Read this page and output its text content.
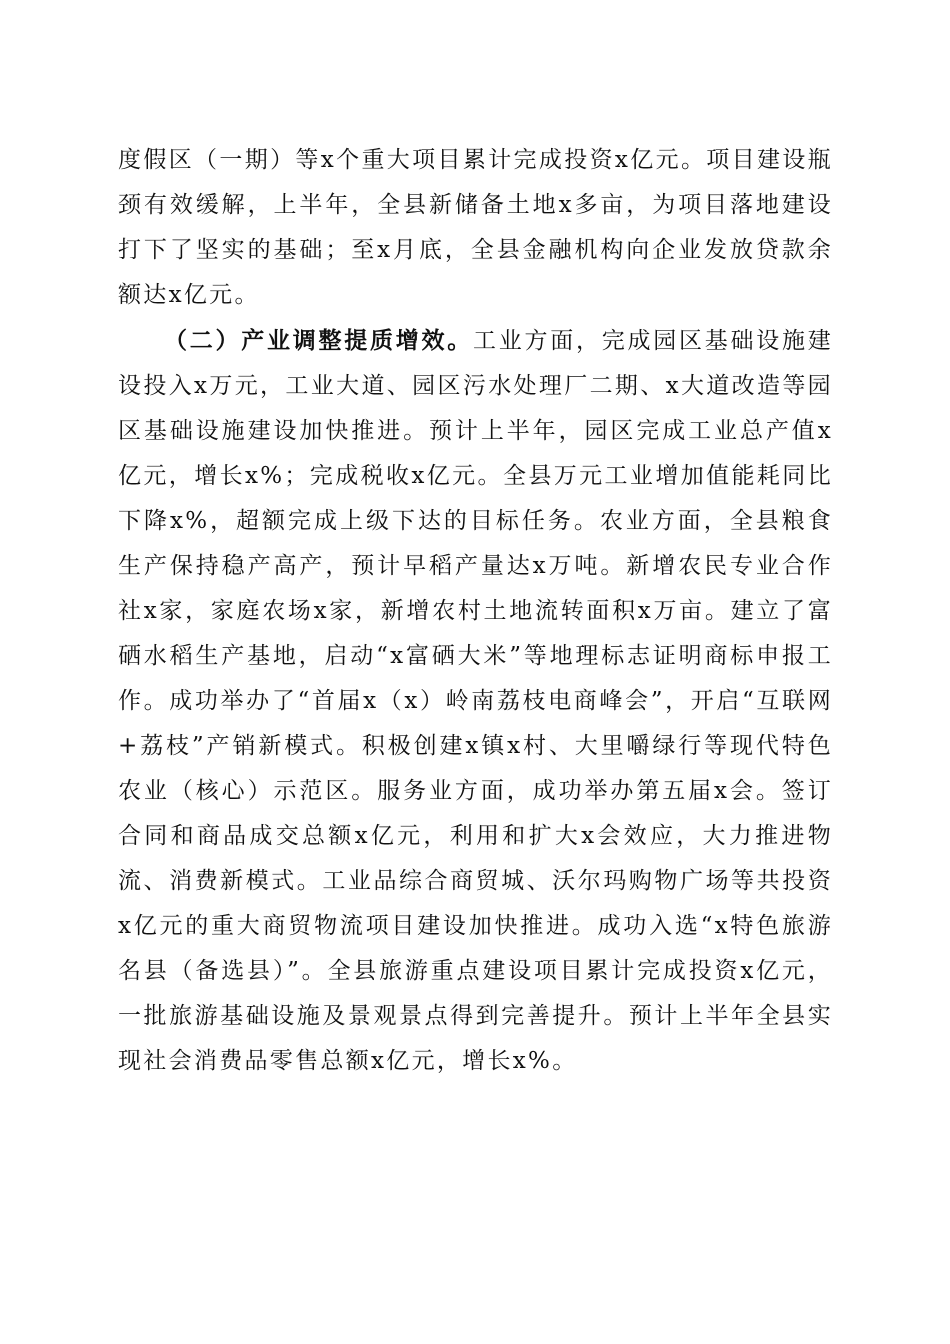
度假区（一期）等x个重大项目累计完成投资x亿元。项目建设瓶颈有效缓解，上半年，全县新储备土地x多亩，为项目落地建设打下了坚实的基础；至x月底，全县金融机构向企业发放贷款余额达x亿元。

（二）产业调整提质增效。工业方面，完成园区基础设施建设投入x万元，工业大道、园区污水处理厂二期、x大道改造等园区基础设施建设加快推进。预计上半年，园区完成工业总产值x亿元，增长x%；完成税收x亿元。全县万元工业增加值能耗同比下降x%，超额完成上级下达的目标任务。农业方面，全县粮食生产保持稳产高产，预计早稻产量达x万吨。新增农民专业合作社x家，家庭农场x家，新增农村土地流转面积x万亩。建立了富硒水稻生产基地，启动“x富硒大米”等地理标志证明商标申报工作。成功举办了“首届x（x）岭南荔枝电商峰会”，开启“互联网+荔枝”产销新模式。积极创建x镇x村、大里嚼绿行等现代特色农业（核心）示范区。服务业方面，成功举办第五届x会。签订合同和商品成交总额x亿元，利用和扩大x会效应，大力推进物流、消费新模式。工业品综合商贸城、沃尔玛购物广场等共投资x亿元的重大商贸物流项目建设加快推进。成功入选“x特色旅游名县（备选县）”。全县旅游重点建设项目累计完成投资x亿元，一批旅游基础设施及景观景点得到完善提升。预计上半年全县实现社会消费品零售总额x亿元，增长x%。
